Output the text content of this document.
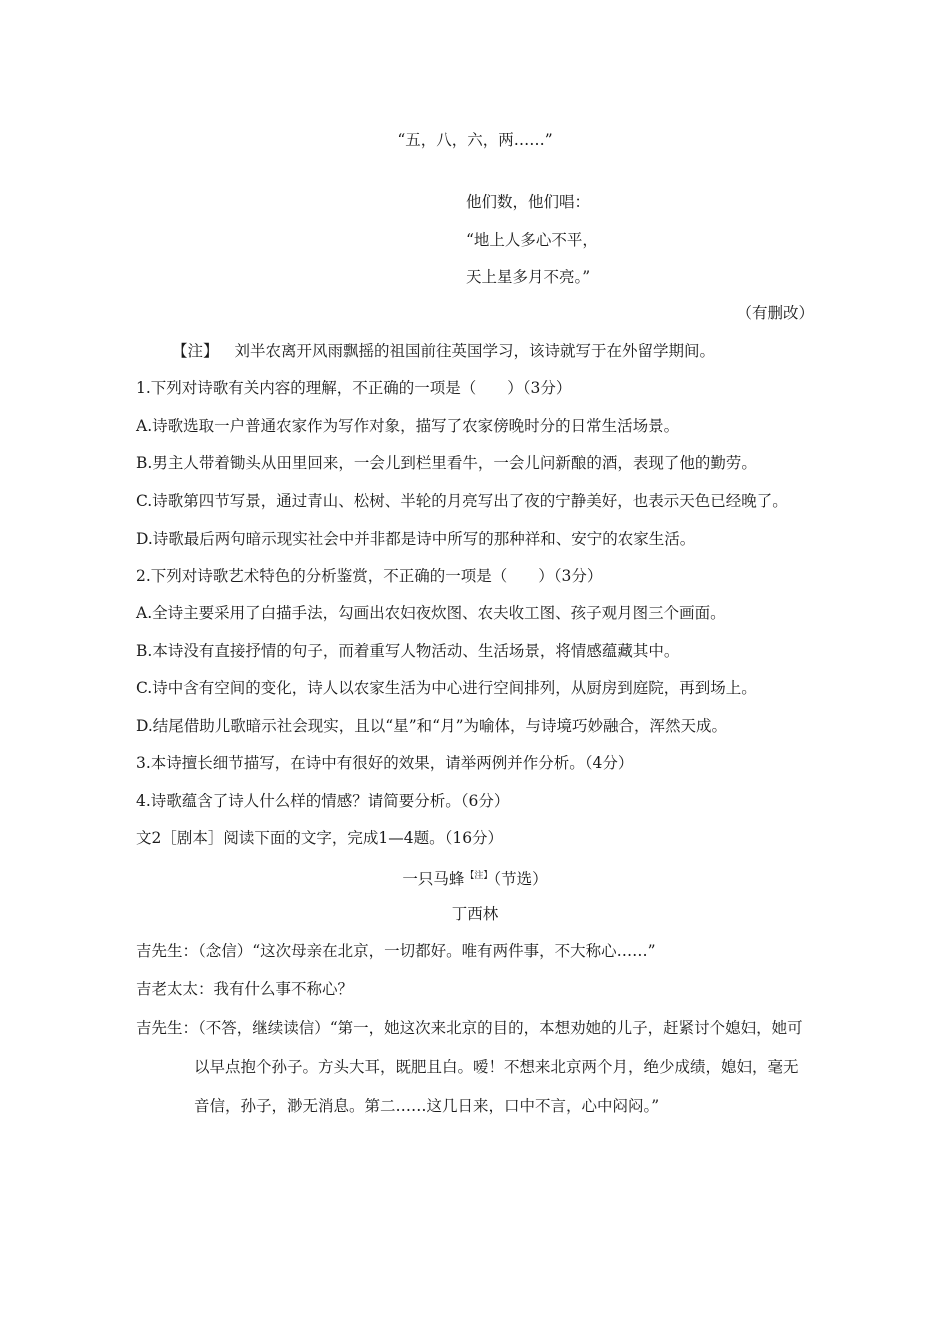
“五，八，六，两……”
他们数，他们唱：
“地上人多心不平，
天上星多月不亮。”
（有删改）
【注】 刘半农离开风雨飘摇的祖国前往英国学习，该诗就写于在外留学期间。
1.下列对诗歌有关内容的理解，不正确的一项是（　　）（3分）
A.诗歌选取一户普通农家作为写作对象，描写了农家傍晚时分的日常生活场景。
B.男主人带着锄头从田里回来，一会儿到栏里看牛，一会儿问新酿的酒，表现了他的勤劳。
C.诗歌第四节写景，通过青山、松树、半轮的月亮写出了夜的宁静美好，也表示天色已经晚了。
D.诗歌最后两句暗示现实社会中并非都是诗中所写的那种祥和、安宁的农家生活。
2.下列对诗歌艺术特色的分析鉴赏，不正确的一项是（　　）（3分）
A.全诗主要采用了白描手法，勾画出农妇夜炊图、农夫收工图、孩子观月图三个画面。
B.本诗没有直接抒情的句子，而着重写人物活动、生活场景，将情感蕴藏其中。
C.诗中含有空间的变化，诗人以农家生活为中心进行空间排列，从厨房到庭院，再到场上。
D.结尾借助儿歌暗示社会现实，且以“星”和“月”为喻体，与诗境巧妙融合，浑然天成。
3.本诗擅长细节描写，在诗中有很好的效果，请举两例并作分析。（4分）
4.诗歌蕴含了诗人什么样的情感？请简要分析。（6分）
文2［剧本］阅读下面的文字，完成1—4题。（16分）
一只马蜂$^{【注】}$（节选）
丁西林
吉先生：（念信）“这次母亲在北京，一切都好。唯有两件事，不大称心……”
吉老太太：我有什么事不称心？
吉先生：（不答，继续读信）“第一，她这次来北京的目的，本想劝她的儿子，赶紧讨个媳妇，她可
以早点抱个孙子。方头大耳，既肥且白。嗳！不想来北京两个月，绝少成绩，媳妇，毫无
音信，孙子，渺无消息。第二……这几日来，口中不言，心中闷闷。”
